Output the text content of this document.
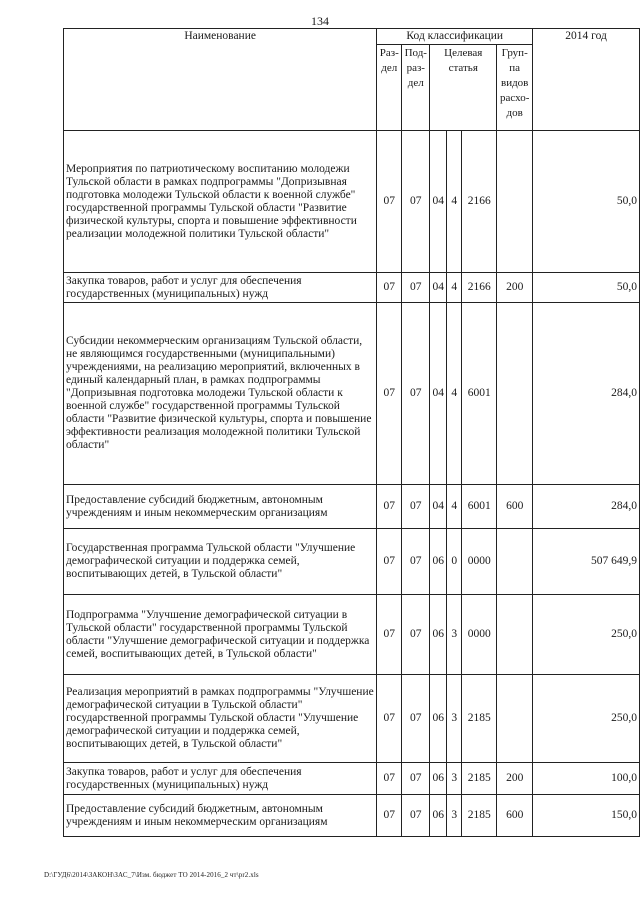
134
Наименование	Код классификации						2014 год
	Раз-дел	Под-раз-дел	Целевая статья			Груп-па видов расхо-дов	
Мероприятия по патриотическому воспитанию молодежи Тульской области в рамках подпрограммы "Допризывная подготовка молодежи Тульской области к военной службе" государственной программы Тульской области "Развитие физической культуры, спорта и повышение эффективности реализации молодежной политики Тульской области"	07	07	04	4	2166		50,0
Закупка товаров, работ и услуг для обеспечения государственных (муниципальных) нужд	07	07	04	4	2166	200	50,0
Субсидии некоммерческим организациям Тульской области, не являющимся государственными (муниципальными) учреждениями, на реализацию мероприятий, включенных в единый календарный план, в рамках подпрограммы "Допризывная подготовка молодежи Тульской области к военной службе" государственной программы Тульской области "Развитие физической культуры, спорта и повышение эффективности реализация молодежной политики Тульской области"	07	07	04	4	6001		284,0
Предоставление субсидий бюджетным, автономным учреждениям и иным некоммерческим организациям	07	07	04	4	6001	600	284,0
Государственная программа Тульской области "Улучшение демографической ситуации и поддержка семей, воспитывающих детей, в Тульской области"	07	07	06	0	0000		507 649,9
Подпрограмма "Улучшение демографической ситуации в Тульской области" государственной программы Тульской области "Улучшение демографической ситуации и поддержка семей, воспитывающих детей, в Тульской области"	07	07	06	3	0000		250,0
Реализация мероприятий в рамках подпрограммы "Улучшение демографической ситуации в Тульской области" государственной программы Тульской области "Улучшение демографической ситуации и поддержка семей, воспитывающих детей, в Тульской области"	07	07	06	3	2185		250,0
Закупка товаров, работ и услуг для обеспечения государственных (муниципальных) нужд	07	07	06	3	2185	200	100,0
Предоставление субсидий бюджетным, автономным учреждениям и иным некоммерческим организациям	07	07	06	3	2185	600	150,0
D:\ГУД6\2014\ЗАКОН\ЗАС_7\Изм. бюджет ТО 2014-2016_2 чт\pr2.xls
